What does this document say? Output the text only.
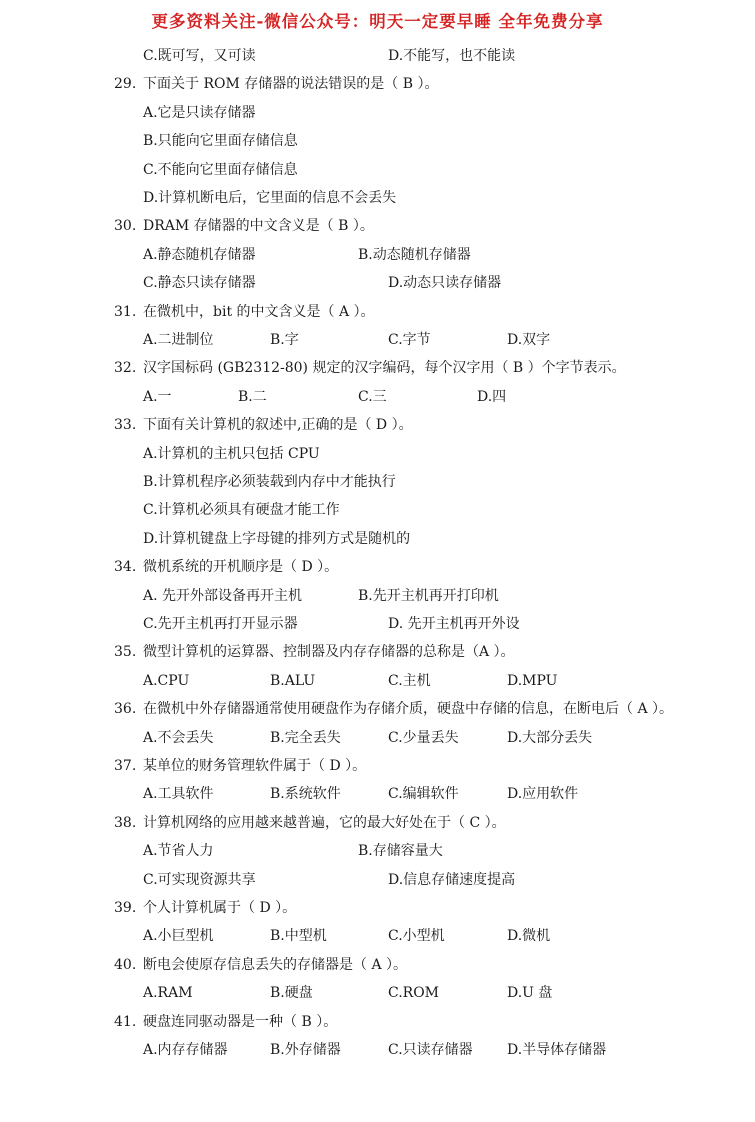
更多资料关注-微信公众号：明天一定要早睡 全年免费分享
C.既可写，又可读	D.不能写，也不能读
29. 下面关于 ROM 存储器的说法错误的是（ B ）。
A.它是只读存储器
B.只能向它里面存储信息
C.不能向它里面存储信息
D.计算机断电后，它里面的信息不会丢失
30. DRAM 存储器的中文含义是（ B ）。
A.静态随机存储器	B.动态随机存储器
C.静态只读存储器	D.动态只读存储器
31. 在微机中，bit 的中文含义是（ A ）。
A.二进制位	B.字	C.字节	D.双字
32. 汉字国标码 (GB2312-80) 规定的汉字编码，每个汉字用（ B ）个字节表示。
A.一	B.二	C.三	D.四
33. 下面有关计算机的叙述中,正确的是（ D ）。
A.计算机的主机只包括 CPU
B.计算机程序必须装载到内存中才能执行
C.计算机必须具有硬盘才能工作
D.计算机键盘上字母键的排列方式是随机的
34. 微机系统的开机顺序是（ D ）。
A. 先开外部设备再开主机	B.先开主机再开打印机
C.先开主机再打开显示器	D. 先开主机再开外设
35. 微型计算机的运算器、控制器及内存存储器的总称是（A ）。
A.CPU	B.ALU	C.主机	D.MPU
36. 在微机中外存储器通常使用硬盘作为存储介质，硬盘中存储的信息，在断电后（ A ）。
A.不会丢失	B.完全丢失	C.少量丢失	D.大部分丢失
37. 某单位的财务管理软件属于（ D ）。
A.工具软件	B.系统软件	C.编辑软件	D.应用软件
38. 计算机网络的应用越来越普遍，它的最大好处在于（ C ）。
A.节省人力	B.存储容量大
C.可实现资源共享	D.信息存储速度提高
39. 个人计算机属于（ D ）。
A.小巨型机	B.中型机	C.小型机	D.微机
40. 断电会使原存信息丢失的存储器是（ A ）。
A.RAM	B.硬盘	C.ROM	D.U 盘
41. 硬盘连同驱动器是一种（ B ）。
A.内存存储器	B.外存储器	C.只读存储器 D.半导体存储器
